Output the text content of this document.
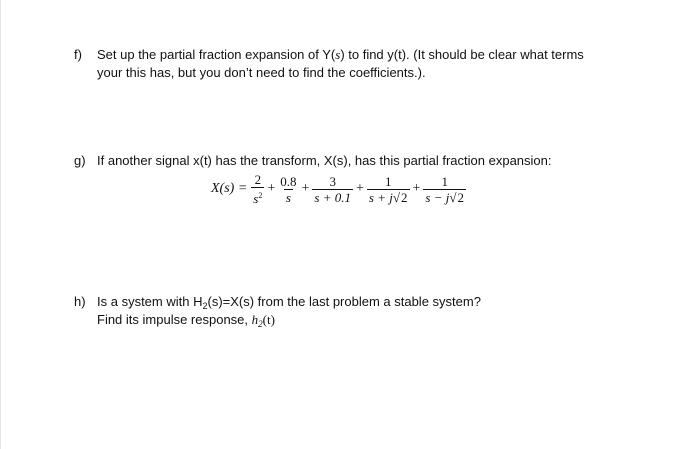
f) Set up the partial fraction expansion of Y(s) to find y(t). (It should be clear what terms
your this has, but you don’t need to find the coefficients.).
g) If another signal x(t) has the transform, X(s), has this partial fraction expansion:
$X(s) = \frac{2}{s^2} + \frac{0.8}{s} + \frac{3}{s + 0.1} + \frac{1}{s + j√2} + \frac{1}{s - j√2}$
h) Is a system with $H_2(s)=X(s)$ from the last problem a stable system?
Find its impulse response, $h_2(t)$
